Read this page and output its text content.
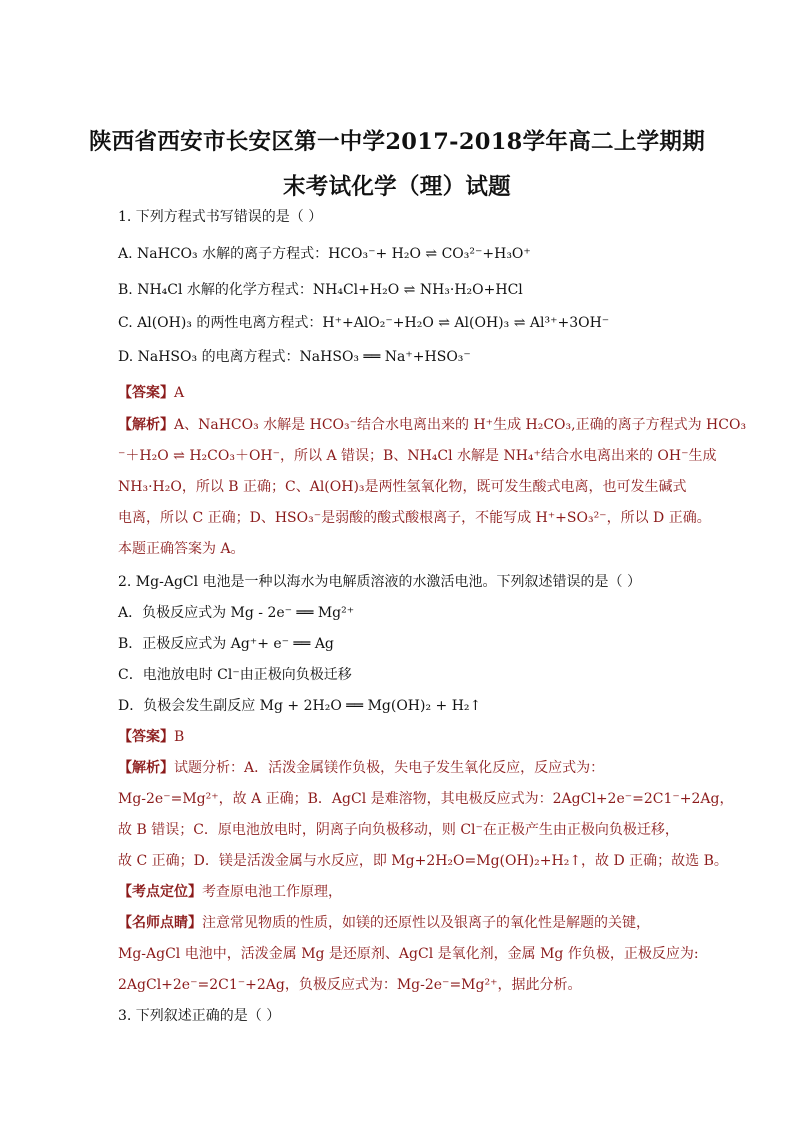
陕西省西安市长安区第一中学2017-2018学年高二上学期期
末考试化学（理）试题
1. 下列方程式书写错误的是（ ）
A. NaHCO₃ 水解的离子方程式：HCO₃⁻+ H₂O ⇌ CO₃²⁻+H₃O⁺
B. NH₄Cl 水解的化学方程式：NH₄Cl+H₂O ⇌ NH₃·H₂O+HCl
C. Al(OH)₃ 的两性电离方程式：H⁺+AlO₂⁻+H₂O ⇌ Al(OH)₃ ⇌ Al³⁺+3OH⁻
D. NaHSO₃ 的电离方程式：NaHSO₃ ══ Na⁺+HSO₃⁻
【答案】A
【解析】A、NaHCO₃ 水解是 HCO₃⁻结合水电离出来的 H⁺生成 H₂CO₃,正确的离子方程式为 HCO₃
⁻＋H₂O ⇌ H₂CO₃＋OH⁻，所以 A 错误；B、NH₄Cl 水解是 NH₄⁺结合水电离出来的 OH⁻生成
NH₃·H₂O，所以 B 正确；C、Al(OH)₃是两性氢氧化物，既可发生酸式电离，也可发生碱式
电离，所以 C 正确；D、HSO₃⁻是弱酸的酸式酸根离子，不能写成 H⁺+SO₃²⁻，所以 D 正确。
本题正确答案为 A。
2. Mg-AgCl 电池是一种以海水为电解质溶液的水激活电池。下列叙述错误的是（ ）
A．负极反应式为 Mg - 2e⁻ ══ Mg²⁺
B．正极反应式为 Ag⁺+ e⁻ ══ Ag
C．电池放电时 Cl⁻由正极向负极迁移
D．负极会发生副反应 Mg + 2H₂O ══ Mg(OH)₂ + H₂↑
【答案】B
【解析】试题分析：A．活泼金属镁作负极，失电子发生氧化反应，反应式为：
Mg-2e⁻=Mg²⁺，故 A 正确；B．AgCl 是难溶物，其电极反应式为：2AgCl+2e⁻=2C1⁻+2Ag，
故 B 错误；C．原电池放电时，阴离子向负极移动，则 Cl⁻在正极产生由正极向负极迁移，
故 C 正确；D．镁是活泼金属与水反应，即 Mg+2H₂O=Mg(OH)₂+H₂↑，故 D 正确；故选 B。
【考点定位】考查原电池工作原理，
【名师点睛】注意常见物质的性质，如镁的还原性以及银离子的氧化性是解题的关键，
Mg-AgCl 电池中，活泼金属 Mg 是还原剂、AgCl 是氧化剂，金属 Mg 作负极，正极反应为:
2AgCl+2e⁻=2C1⁻+2Ag，负极反应式为：Mg-2e⁻=Mg²⁺，据此分析。
3. 下列叙述正确的是（ ）
